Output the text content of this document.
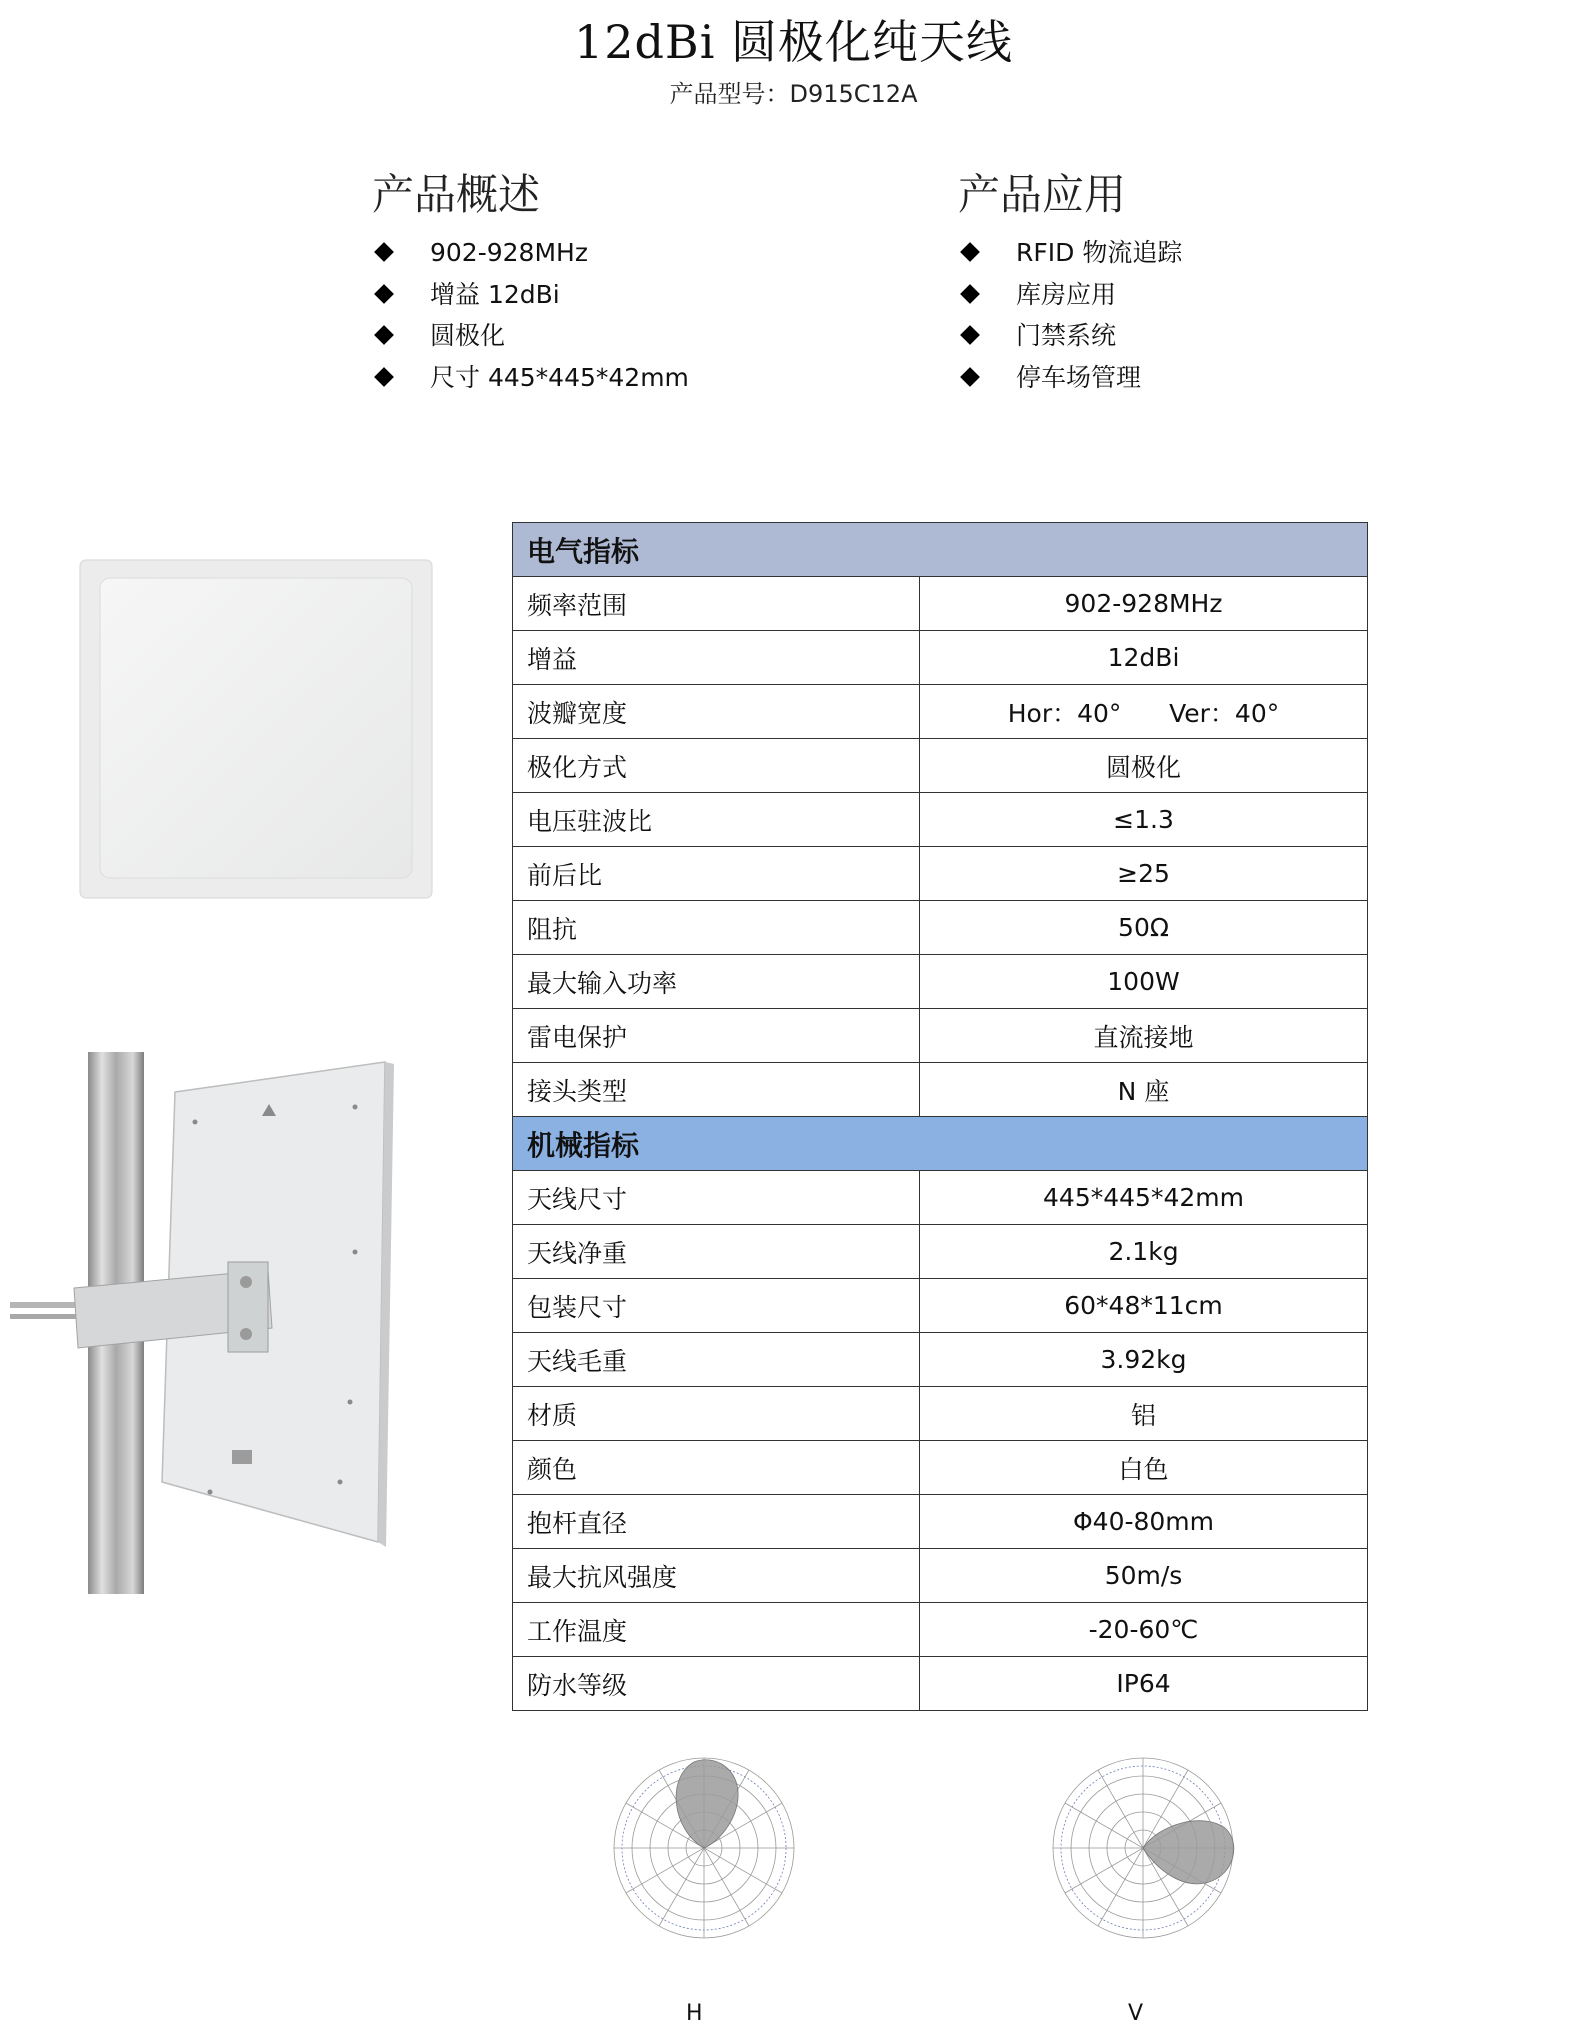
12dBi 圆极化纯天线
产品型号：D915C12A
产品概述
902-928MHz
增益 12dBi
圆极化
尺寸 445*445*42mm
产品应用
RFID 物流追踪
库房应用
门禁系统
停车场管理
电气指标	
频率范围	902-928MHz
增益	12dBi
波瓣宽度	Hor：40°      Ver：40°
极化方式	圆极化
电压驻波比	≤1.3
前后比	≥25
阻抗	50Ω
最大输入功率	100W
雷电保护	直流接地
接头类型	N 座
机械指标	
天线尺寸	445*445*42mm
天线净重	2.1kg
包装尺寸	60*48*11cm
天线毛重	3.92kg
材质	铝
颜色	白色
抱杆直径	Φ40-80mm
最大抗风强度	50m/s
工作温度	-20-60℃
防水等级	IP64
H	V
